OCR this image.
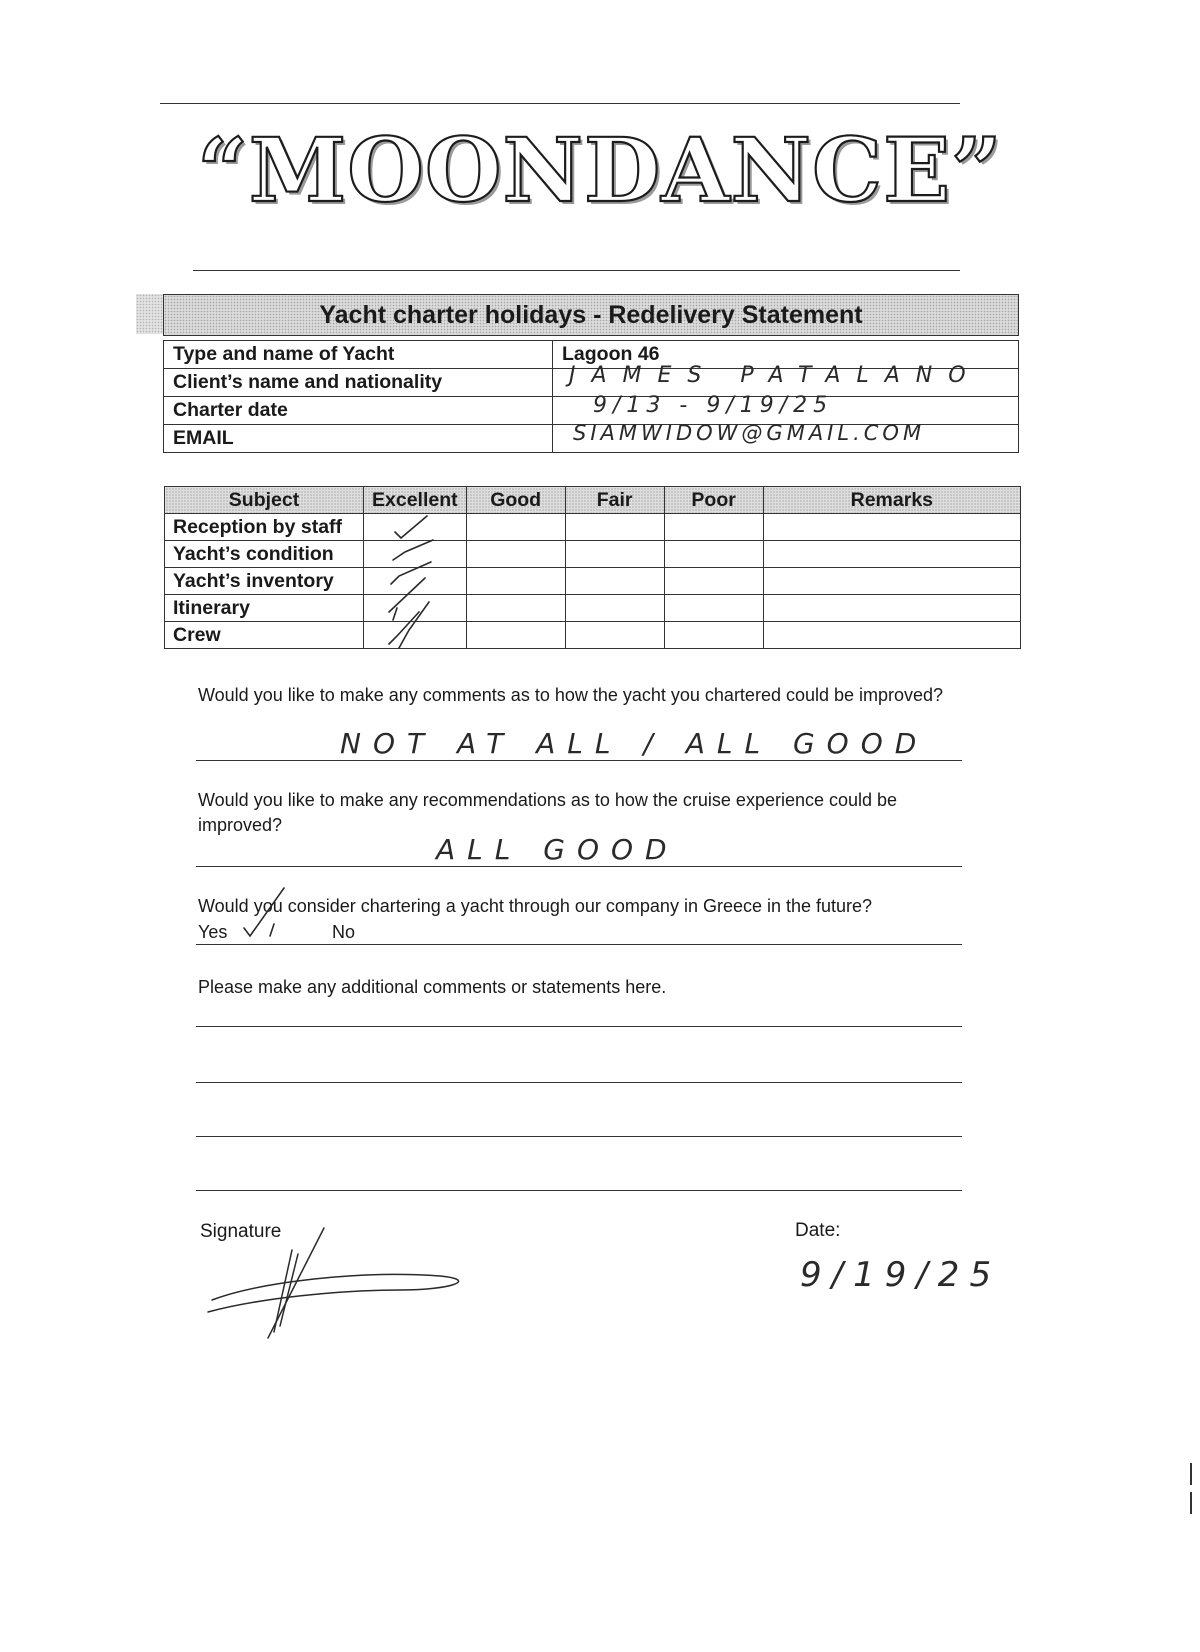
“MOONDANCE”
Yacht charter holidays - Redelivery Statement
Type and name of Yacht	Lagoon 46
Client’s name and nationality	JAMES PATALANO

Charter date	9/13 - 9/19/25

EMAIL	SIAMWIDOW@GMAIL.COM
Subject	Excellent	Good	Fair	Poor	Remarks
Reception by staff					
Yacht’s condition					
Yacht’s inventory					
Itinerary					
Crew					
Would you like to make any comments as to how the yacht you chartered could be improved?
NOT AT ALL / ALL GOOD
Would you like to make any recommendations as to how the cruise experience could be improved?
ALL GOOD
Would you consider chartering a yacht through our company in Greece in the future?
Yes	No
Please make any additional comments or statements here.
Signature	Date:
9/19/25
